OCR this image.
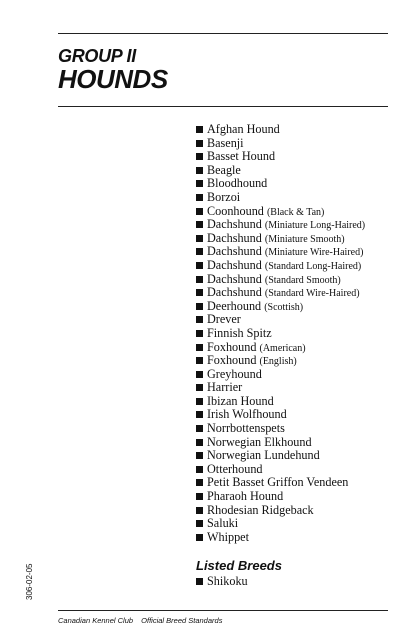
GROUP II
HOUNDS
Afghan Hound
Basenji
Basset Hound
Beagle
Bloodhound
Borzoi
Coonhound (Black & Tan)
Dachshund (Miniature Long-Haired)
Dachshund (Miniature Smooth)
Dachshund (Miniature Wire-Haired)
Dachshund (Standard Long-Haired)
Dachshund (Standard Smooth)
Dachshund (Standard Wire-Haired)
Deerhound (Scottish)
Drever
Finnish Spitz
Foxhound (American)
Foxhound (English)
Greyhound
Harrier
Ibizan Hound
Irish Wolfhound
Norrbottenspets
Norwegian Elkhound
Norwegian Lundehund
Otterhound
Petit Basset Griffon Vendeen
Pharaoh Hound
Rhodesian Ridgeback
Saluki
Whippet
Listed Breeds
Shikoku
306-02-05
Canadian Kennel Club Official Breed Standards
